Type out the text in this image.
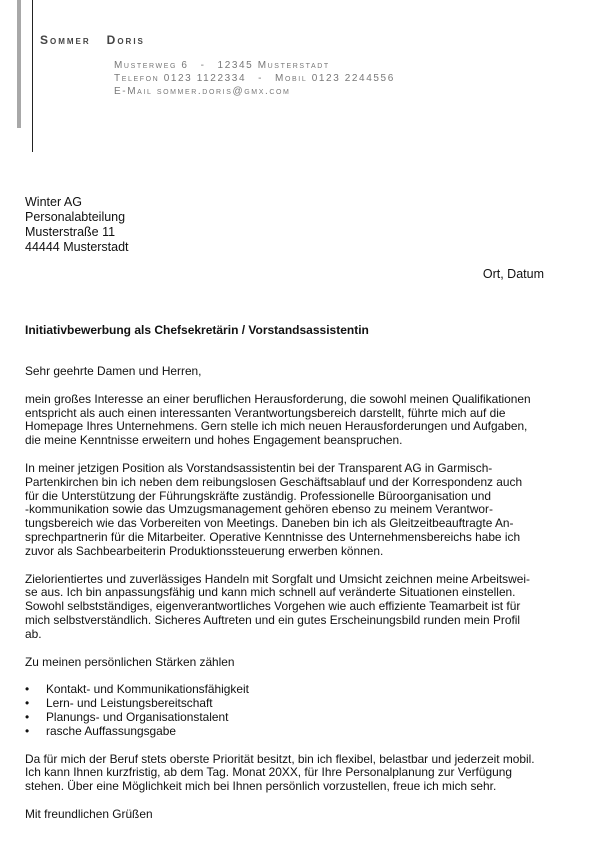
Sommer Doris
Musterweg 6 - 12345 Musterstadt
Telefon 0123 1122334 - Mobil 0123 2244556
E-Mail sommer.doris@gmx.com
Winter AG
Personalabteilung
Musterstraße 11
44444 Musterstadt
Ort, Datum
Initiativbewerbung als Chefsekretärin / Vorstandsassistentin
Sehr geehrte Damen und Herren,
mein großes Interesse an einer beruflichen Herausforderung, die sowohl meinen Qualifikationen
entspricht als auch einen interessanten Verantwortungsbereich darstellt, führte mich auf die
Homepage Ihres Unternehmens. Gern stelle ich mich neuen Herausforderungen und Aufgaben,
die meine Kenntnisse erweitern und hohes Engagement beanspruchen.
In meiner jetzigen Position als Vorstandsassistentin bei der Transparent AG in Garmisch-
Partenkirchen bin ich neben dem reibungslosen Geschäftsablauf und der Korrespondenz auch
für die Unterstützung der Führungskräfte zuständig. Professionelle Büroorganisation und
-kommunikation sowie das Umzugsmanagement gehören ebenso zu meinem Verantwor-
tungsbereich wie das Vorbereiten von Meetings. Daneben bin ich als Gleitzeitbeauftragte An-
sprechpartnerin für die Mitarbeiter. Operative Kenntnisse des Unternehmensbereichs habe ich
zuvor als Sachbearbeiterin Produktionssteuerung erwerben können.
Zielorientiertes und zuverlässiges Handeln mit Sorgfalt und Umsicht zeichnen meine Arbeitswei-
se aus. Ich bin anpassungsfähig und kann mich schnell auf veränderte Situationen einstellen.
Sowohl selbstständiges, eigenverantwortliches Vorgehen wie auch effiziente Teamarbeit ist für
mich selbstverständlich. Sicheres Auftreten und ein gutes Erscheinungsbild runden mein Profil
ab.
Zu meinen persönlichen Stärken zählen
• Kontakt- und Kommunikationsfähigkeit
• Lern- und Leistungsbereitschaft
• Planungs- und Organisationstalent
• rasche Auffassungsgabe
Da für mich der Beruf stets oberste Priorität besitzt, bin ich flexibel, belastbar und jederzeit mobil.
Ich kann Ihnen kurzfristig, ab dem Tag. Monat 20XX, für Ihre Personalplanung zur Verfügung
stehen. Über eine Möglichkeit mich bei Ihnen persönlich vorzustellen, freue ich mich sehr.
Mit freundlichen Grüßen
